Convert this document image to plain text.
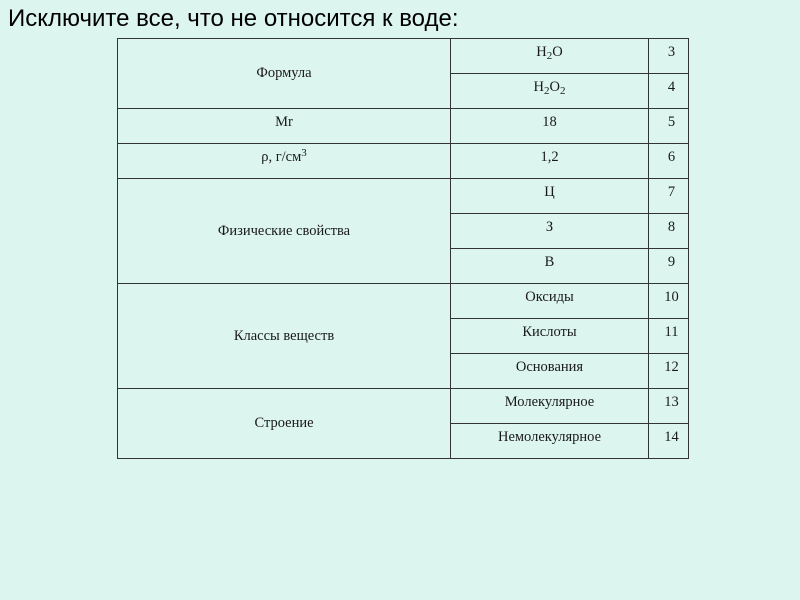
Исключите все, что не относится к воде:
Формула	$H_2O$	3
	$H_2O_2$	4
Mr	18	5
ρ, $г/см^3$	1,2	6
Физические свойства	Ц	7
	З	8
	В	9
Классы веществ	Оксиды	10
	Кислоты	11
	Основания	12
Строение	Молекулярное	13
	Немолекулярное	14
